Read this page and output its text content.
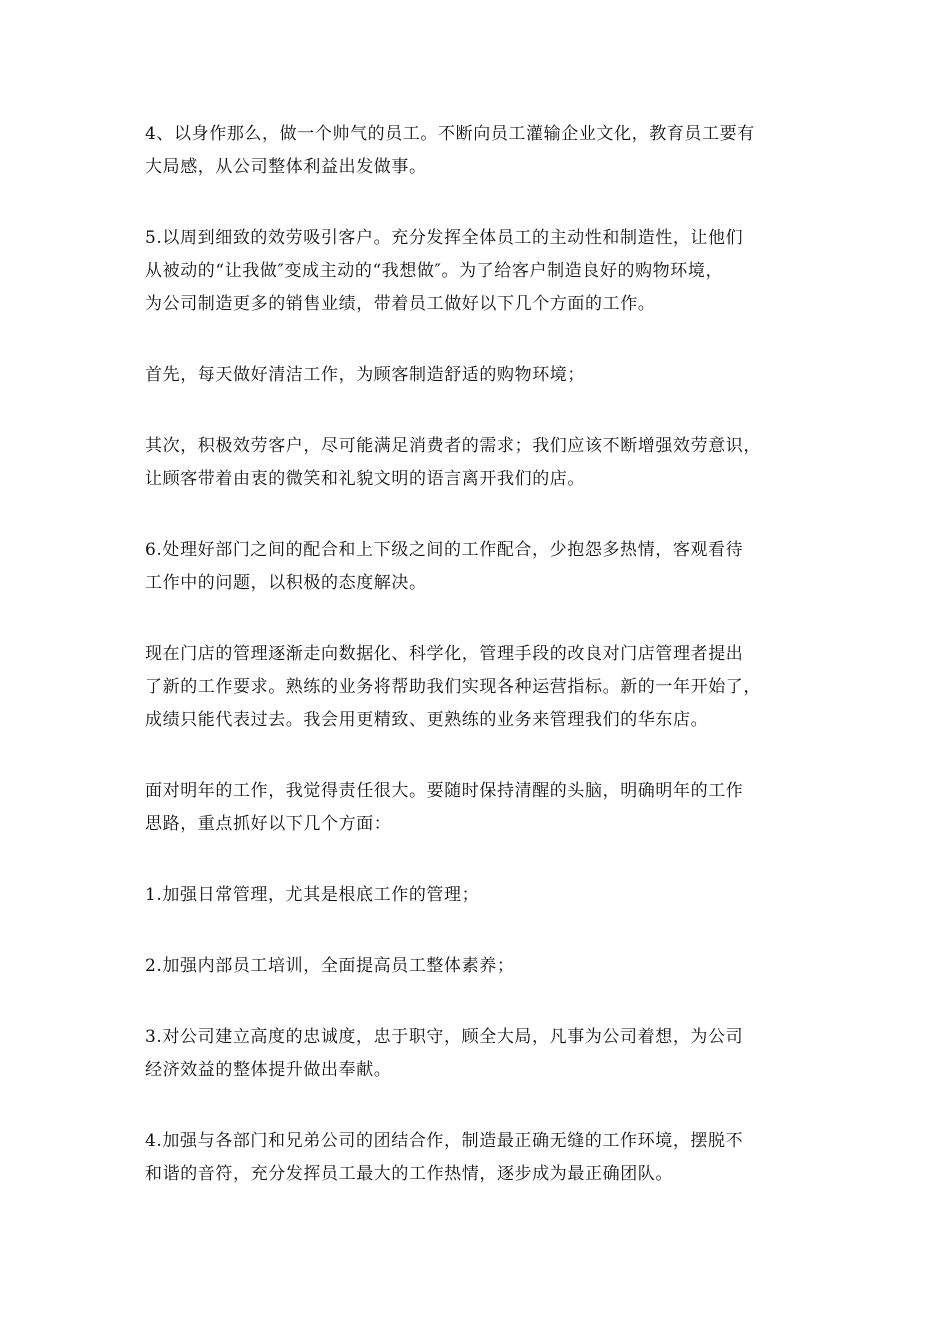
4、以身作那么，做一个帅气的员工。不断向员工灌输企业文化，教育员工要有
大局感，从公司整体利益出发做事。

5.以周到细致的效劳吸引客户。充分发挥全体员工的主动性和制造性，让他们
从被动的“让我做″变成主动的“我想做″。为了给客户制造良好的购物环境，
为公司制造更多的销售业绩，带着员工做好以下几个方面的工作。

首先，每天做好清洁工作，为顾客制造舒适的购物环境；

其次，积极效劳客户，尽可能满足消费者的需求；我们应该不断增强效劳意识，
让顾客带着由衷的微笑和礼貌文明的语言离开我们的店。

6.处理好部门之间的配合和上下级之间的工作配合，少抱怨多热情，客观看待
工作中的问题，以积极的态度解决。

现在门店的管理逐渐走向数据化、科学化，管理手段的改良对门店管理者提出
了新的工作要求。熟练的业务将帮助我们实现各种运营指标。新的一年开始了，
成绩只能代表过去。我会用更精致、更熟练的业务来管理我们的华东店。

面对明年的工作，我觉得责任很大。要随时保持清醒的头脑，明确明年的工作
思路，重点抓好以下几个方面：

1.加强日常管理，尤其是根底工作的管理；

2.加强内部员工培训，全面提高员工整体素养；

3.对公司建立高度的忠诚度，忠于职守，顾全大局，凡事为公司着想，为公司
经济效益的整体提升做出奉献。

4.加强与各部门和兄弟公司的团结合作，制造最正确无缝的工作环境，摆脱不
和谐的音符，充分发挥员工最大的工作热情，逐步成为最正确团队。
